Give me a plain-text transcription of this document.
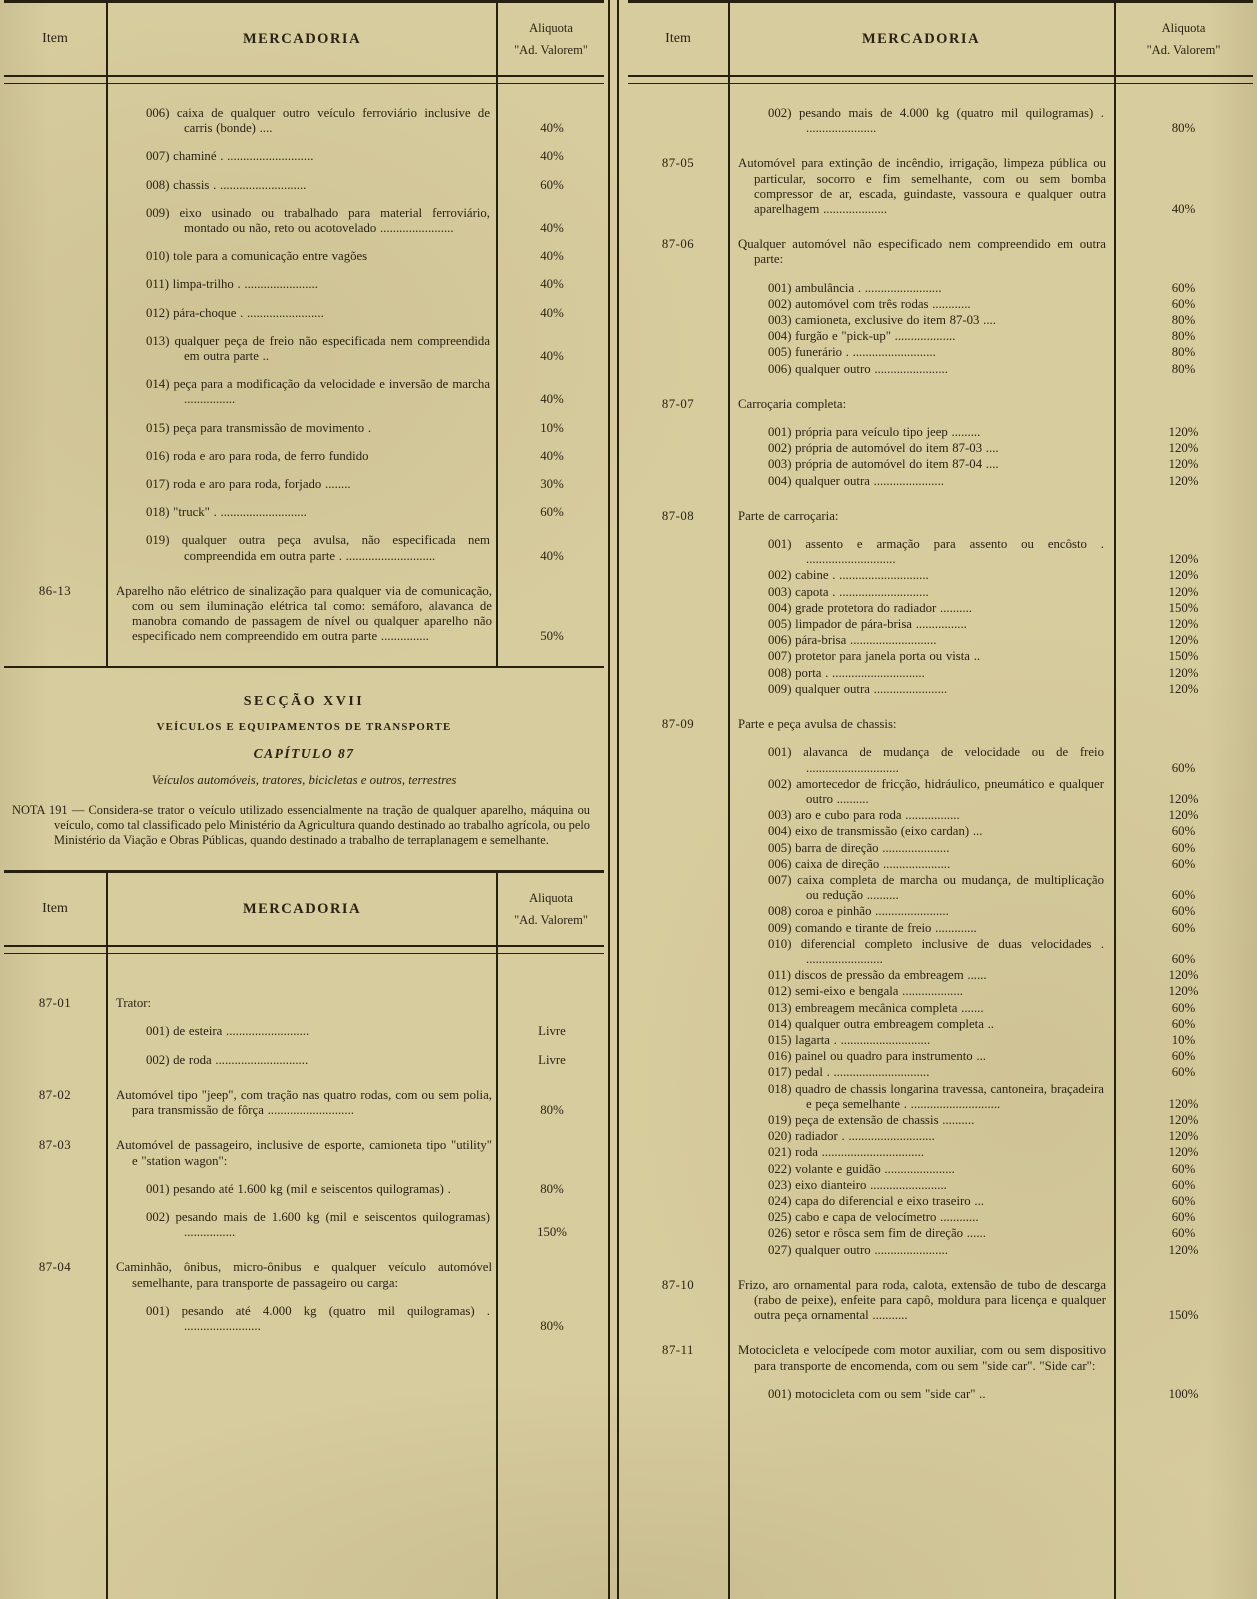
Item	MERCADORIA
Aliquota
"Ad. Valorem"
006) caixa de qualquer outro veículo ferroviário inclusive de carris (bonde) ....	40%
007) chaminé . ...........................	40%
008) chassis . ...........................	60%
009) eixo usinado ou trabalhado para material ferroviário, montado ou não, reto ou acotovelado .......................	40%
010) tole para a comunicação entre vagões	40%
011) limpa-trilho . .......................	40%
012) pára-choque . ........................	40%
013) qualquer peça de freio não especificada nem compreendida em outra parte ..	40%
014) peça para a modificação da velocidade e inversão de marcha ................	40%
015) peça para transmissão de movimento .	10%
016) roda e aro para roda, de ferro fundido	40%
017) roda e aro para roda, forjado ........	30%
018) "truck" . ...........................	60%
019) qualquer outra peça avulsa, não especificada nem compreendida em outra parte . ............................	40%
86-13	Aparelho não elétrico de sinalização para qualquer via de comunicação, com ou sem iluminação elétrica tal como: semáforo, alavanca de manobra comando de passagem de nível ou qualquer aparelho não especificado nem compreendido em outra parte ...............	50%
SECÇÃO XVII
VEÍCULOS E EQUIPAMENTOS DE TRANSPORTE
CAPÍTULO 87
Veículos automóveis, tratores, bicicletas e outros, terrestres
NOTA 191 — Considera-se trator o veículo utilizado essencialmente na tração de qualquer aparelho, máquina ou veículo, como tal classificado pelo Ministério da Agricultura quando destinado ao trabalho agrícola, ou pelo Ministério da Viação e Obras Públicas, quando destinado a trabalho de terraplanagem e semelhante.
Item	MERCADORIA
Aliquota
"Ad. Valorem"
87-01	Trator:
001) de esteira ..........................	Livre
002) de roda .............................	Livre
87-02	Automóvel tipo "jeep", com tração nas quatro rodas, com ou sem polia, para transmissão de fôrça ...........................	80%
87-03	Automóvel de passageiro, inclusive de esporte, camioneta tipo "utility" e "station wagon":
001) pesando até 1.600 kg (mil e seiscentos quilogramas) .	80%
002) pesando mais de 1.600 kg (mil e seiscentos quilogramas) ................	150%
87-04	Caminhão, ônibus, micro-ônibus e qualquer veículo automóvel semelhante, para transporte de passageiro ou carga:
001) pesando até 4.000 kg (quatro mil quilogramas) . ........................	80%
Item	MERCADORIA
Aliquota
"Ad. Valorem"
002) pesando mais de 4.000 kg (quatro mil quilogramas) . ......................	80%
87-05	Automóvel para extinção de incêndio, irrigação, limpeza pública ou particular, socorro e fim semelhante, com ou sem bomba compressor de ar, escada, guindaste, vassoura e qualquer outra aparelhagem ....................	40%
87-06	Qualquer automóvel não especificado nem compreendido em outra parte:
001) ambulância . ........................	60%
002) automóvel com três rodas ............	60%
003) camioneta, exclusive do item 87-03 ....	80%
004) furgão e "pick-up" ...................	80%
005) funerário . ..........................	80%
006) qualquer outro .......................	80%
87-07	Carroçaria completa:
001) própria para veículo tipo jeep .........	120%
002) própria de automóvel do item 87-03 ....	120%
003) própria de automóvel do item 87-04 ....	120%
004) qualquer outra ......................	120%
87-08	Parte de carroçaria:
001) assento e armação para assento ou encôsto . ............................	120%
002) cabine . ............................	120%
003) capota . ............................	120%
004) grade protetora do radiador ..........	150%
005) limpador de pára-brisa ................	120%
006) pára-brisa ...........................	120%
007) protetor para janela porta ou vista ..	150%
008) porta . .............................	120%
009) qualquer outra .......................	120%
87-09	Parte e peça avulsa de chassis:
001) alavanca de mudança de velocidade ou de freio .............................	60%
002) amortecedor de fricção, hidráulico, pneumático e qualquer outro ..........	120%
003) aro e cubo para roda .................	120%
004) eixo de transmissão (eixo cardan) ...	60%
005) barra de direção .....................	60%
006) caixa de direção .....................	60%
007) caixa completa de marcha ou mudança, de multiplicação ou redução ..........	60%
008) coroa e pinhão .......................	60%
009) comando e tirante de freio .............	60%
010) diferencial completo inclusive de duas velocidades . ........................	60%
011) discos de pressão da embreagem ......	120%
012) semi-eixo e bengala ...................	120%
013) embreagem mecânica completa .......	60%
014) qualquer outra embreagem completa ..	60%
015) lagarta . ............................	10%
016) painel ou quadro para instrumento ...	60%
017) pedal . ..............................	60%
018) quadro de chassis longarina travessa, cantoneira, braçadeira e peça semelhante . ............................	120%
019) peça de extensão de chassis ..........	120%
020) radiador . ...........................	120%
021) roda ................................	120%
022) volante e guidão ......................	60%
023) eixo dianteiro ........................	60%
024) capa do diferencial e eixo traseiro ...	60%
025) cabo e capa de velocímetro ............	60%
026) setor e rôsca sem fim de direção ......	60%
027) qualquer outro .......................	120%
87-10	Frizo, aro ornamental para roda, calota, extensão de tubo de descarga (rabo de peixe), enfeite para capô, moldura para licença e qualquer outra peça ornamental ...........	150%
87-11	Motocicleta e velocípede com motor auxiliar, com ou sem dispositivo para transporte de encomenda, com ou sem "side car". "Side car":
001) motocicleta com ou sem "side car" ..	100%
